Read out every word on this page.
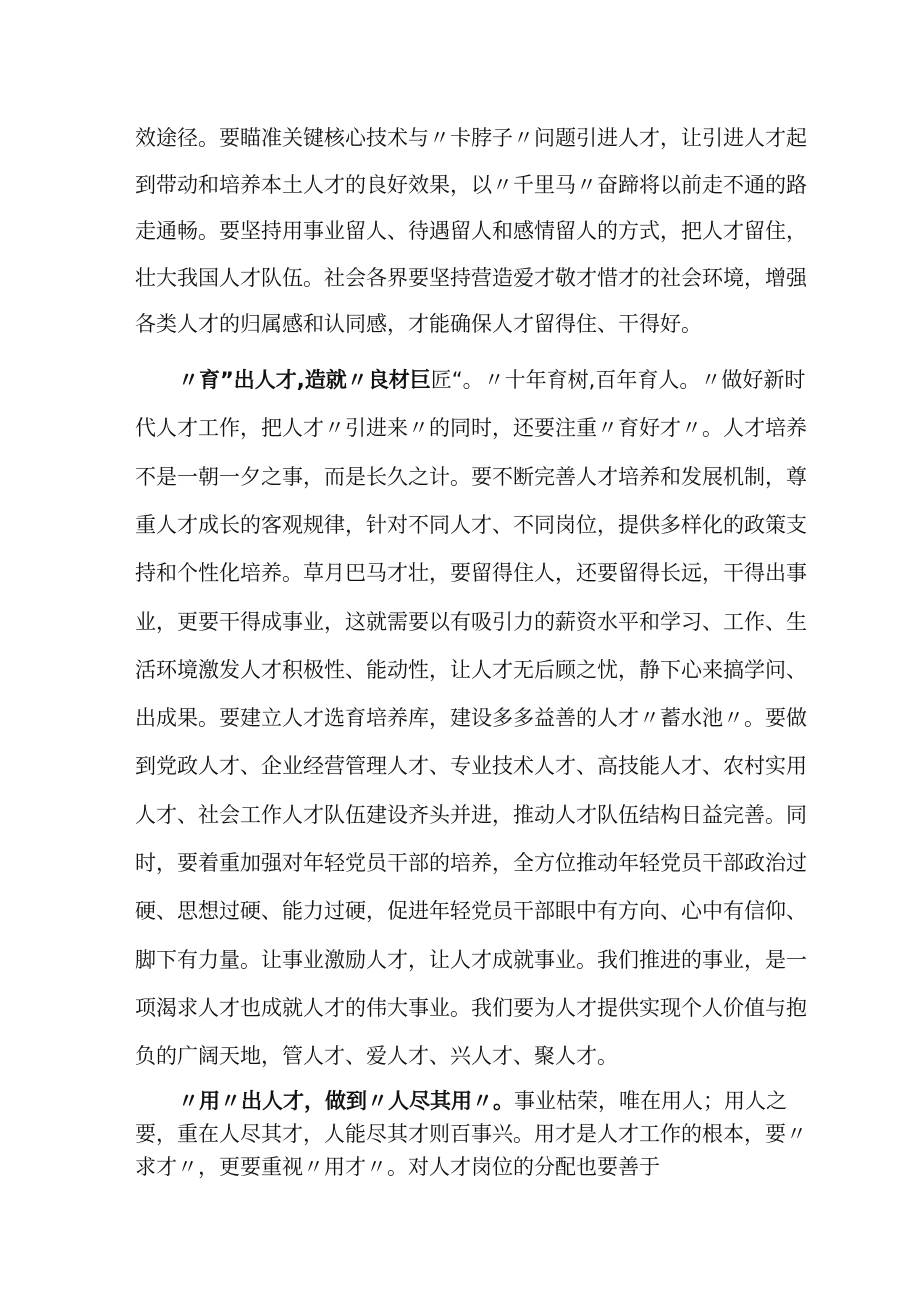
效途径。要瞄准关键核心技术与〃卡脖子〃问题引进人才，让引进人才起
到带动和培养本土人才的良好效果，以〃千里马〃奋蹄将以前走不通的路
走通畅。要坚持用事业留人、待遇留人和感情留人的方式，把人才留住，
壮大我国人才队伍。社会各界要坚持营造爱才敬才惜才的社会环境，增强
各类人才的归属感和认同感，才能确保人才留得住、干得好。
〃育”出人才,造就〃良材巨匠“。〃十年育树,百年育人。〃做好新时
代人才工作，把人才〃引进来〃的同时，还要注重〃育好才〃。人才培养
不是一朝一夕之事，而是长久之计。要不断完善人才培养和发展机制，尊
重人才成长的客观规律，针对不同人才、不同岗位，提供多样化的政策支
持和个性化培养。草月巴马才壮，要留得住人，还要留得长远，干得出事
业，更要干得成事业，这就需要以有吸引力的薪资水平和学习、工作、生
活环境激发人才积极性、能动性，让人才无后顾之忧，静下心来搞学问、
出成果。要建立人才选育培养库，建设多多益善的人才〃蓄水池〃。要做
到党政人才、企业经营管理人才、专业技术人才、高技能人才、农村实用
人才、社会工作人才队伍建设齐头并进，推动人才队伍结构日益完善。同
时，要着重加强对年轻党员干部的培养，全方位推动年轻党员干部政治过
硬、思想过硬、能力过硬，促进年轻党员干部眼中有方向、心中有信仰、
脚下有力量。让事业激励人才，让人才成就事业。我们推进的事业，是一
项渴求人才也成就人才的伟大事业。我们要为人才提供实现个人价值与抱
负的广阔天地，管人才、爱人才、兴人才、聚人才。
〃用〃出人才，做到〃人尽其用〃。事业枯荣，唯在用人；用人之
要，重在人尽其才，人能尽其才则百事兴。用才是人才工作的根本，要〃
求才〃，更要重视〃用才〃。对人才岗位的分配也要善于
